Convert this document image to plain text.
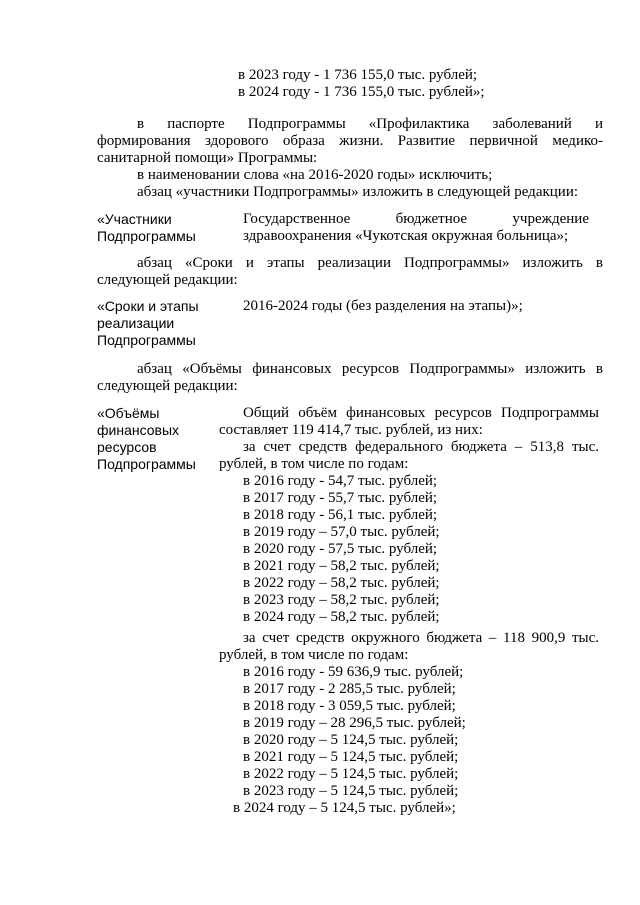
в 2023 году - 1 736 155,0 тыс. рублей;
в 2024 году - 1 736 155,0 тыс. рублей»;
в паспорте Подпрограммы «Профилактика заболеваний и
формирования здорового образа жизни. Развитие первичной медико-
санитарной помощи» Программы:
в наименовании слова «на 2016-2020 годы» исключить;
абзац «участники Подпрограммы» изложить в следующей редакции:
«Участники
Подпрограммы
Государственное бюджетное учреждение
здравоохранения «Чукотская окружная больница»;
абзац «Сроки и этапы реализации Подпрограммы» изложить в
следующей редакции:
«Сроки и этапы
реализации
Подпрограммы
2016-2024 годы (без разделения на этапы)»;
абзац «Объёмы финансовых ресурсов Подпрограммы» изложить в
следующей редакции:
«Объёмы
финансовых
ресурсов
Подпрограммы
Общий объём финансовых ресурсов Подпрограммы
составляет 119 414,7 тыс. рублей, из них:
за счет средств федерального бюджета – 513,8 тыс.
рублей, в том числе по годам:
в 2016 году - 54,7 тыс. рублей;
в 2017 году - 55,7 тыс. рублей;
в 2018 году - 56,1 тыс. рублей;
в 2019 году – 57,0 тыс. рублей;
в 2020 году - 57,5 тыс. рублей;
в 2021 году – 58,2 тыс. рублей;
в 2022 году – 58,2 тыс. рублей;
в 2023 году – 58,2 тыс. рублей;
в 2024 году – 58,2 тыс. рублей;
за счет средств окружного бюджета – 118 900,9 тыс.
рублей, в том числе по годам:
в 2016 году - 59 636,9 тыс. рублей;
в 2017 году - 2 285,5 тыс. рублей;
в 2018 году - 3 059,5 тыс. рублей;
в 2019 году – 28 296,5 тыс. рублей;
в 2020 году – 5 124,5 тыс. рублей;
в 2021 году – 5 124,5 тыс. рублей;
в 2022 году – 5 124,5 тыс. рублей;
в 2023 году – 5 124,5 тыс. рублей;
в 2024 году – 5 124,5 тыс. рублей»;
